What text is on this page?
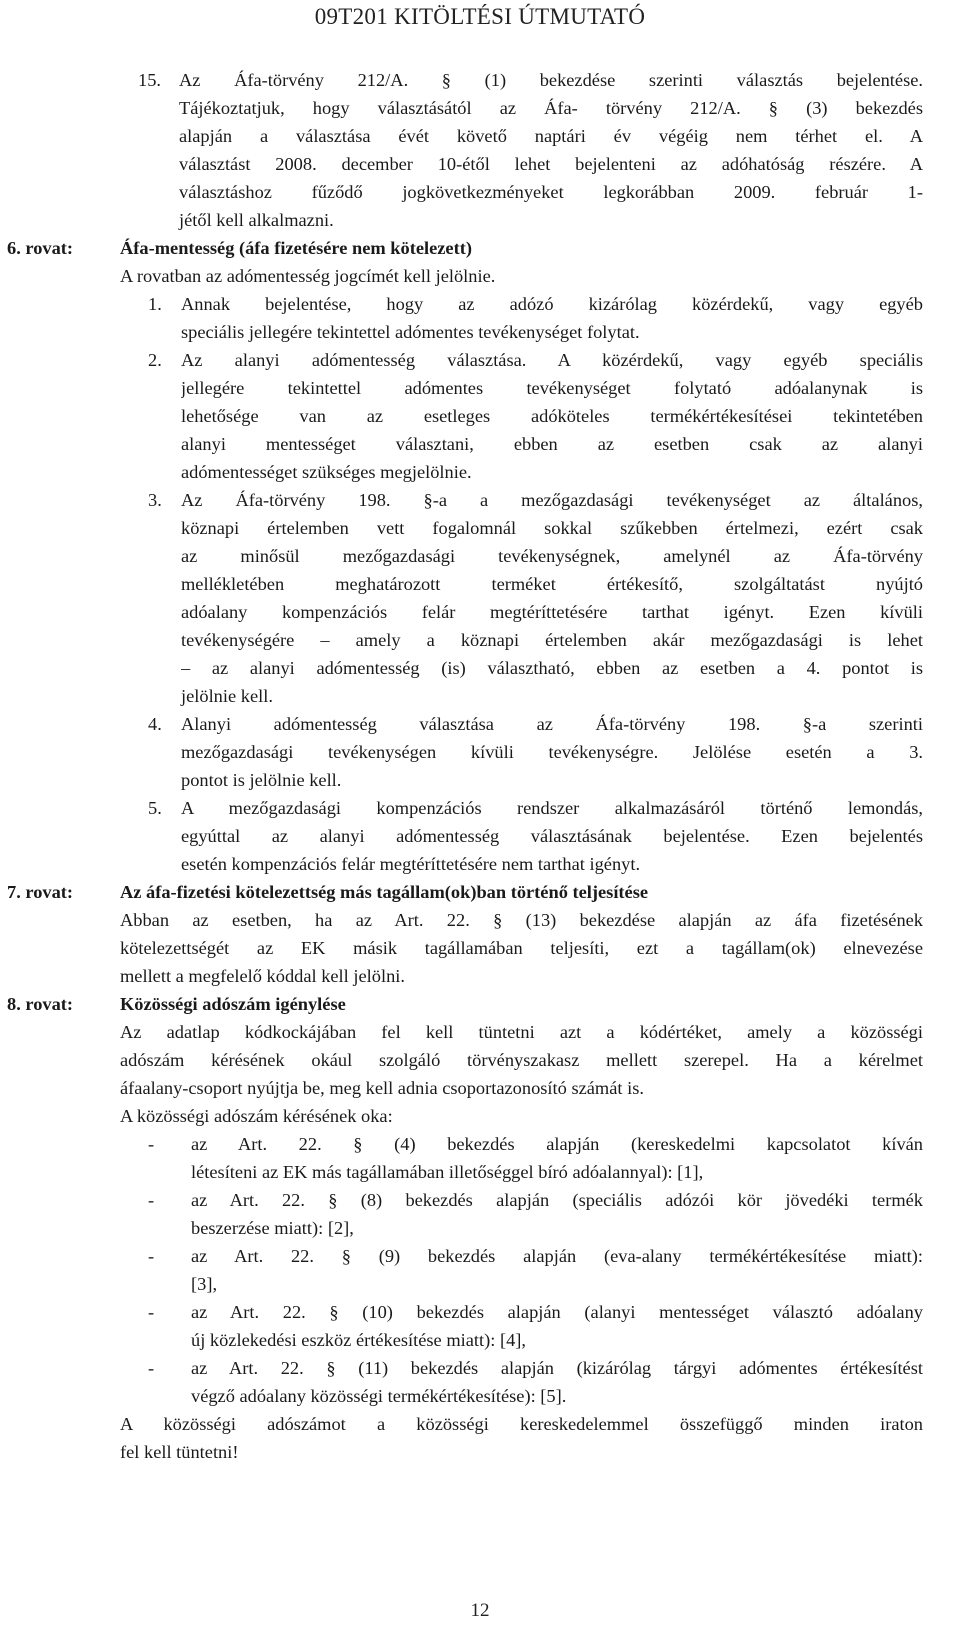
09T201 KITÖLTÉSI ÚTMUTATÓ
15. Az Áfa-törvény 212/A. § (1) bekezdése szerinti választás bejelentése.
Tájékoztatjuk, hogy választásától az Áfa- törvény 212/A. § (3) bekezdés
alapján a választása évét követő naptári év végéig nem térhet el. A
választást 2008. december 10-étől lehet bejelenteni az adóhatóság részére. A
választáshoz fűződő jogkövetkezményeket legkorábban 2009. február 1-
jétől kell alkalmazni.
6. rovat:	Áfa-mentesség (áfa fizetésére nem kötelezett)
A rovatban az adómentesség jogcímét kell jelölnie.
1. Annak bejelentése, hogy az adózó kizárólag közérdekű, vagy egyéb
speciális jellegére tekintettel adómentes tevékenységet folytat.
2. Az alanyi adómentesség választása. A közérdekű, vagy egyéb speciális
jellegére tekintettel adómentes tevékenységet folytató adóalanynak is
lehetősége van az esetleges adóköteles termékértékesítései tekintetében
alanyi mentességet választani, ebben az esetben csak az alanyi
adómentességet szükséges megjelölnie.
3. Az Áfa-törvény 198. §-a a mezőgazdasági tevékenységet az általános,
köznapi értelemben vett fogalomnál sokkal szűkebben értelmezi, ezért csak
az minősül mezőgazdasági tevékenységnek, amelynél az Áfa-törvény
mellékletében meghatározott terméket értékesítő, szolgáltatást nyújtó
adóalany kompenzációs felár megtéríttetésére tarthat igényt. Ezen kívüli
tevékenységére – amely a köznapi értelemben akár mezőgazdasági is lehet
– az alanyi adómentesség (is) választható, ebben az esetben a 4. pontot is
jelölnie kell.
4. Alanyi adómentesség választása az Áfa-törvény 198. §-a szerinti
mezőgazdasági tevékenységen kívüli tevékenységre. Jelölése esetén a 3.
pontot is jelölnie kell.
5. A mezőgazdasági kompenzációs rendszer alkalmazásáról történő lemondás,
egyúttal az alanyi adómentesség választásának bejelentése. Ezen bejelentés
esetén kompenzációs felár megtéríttetésére nem tarthat igényt.
7. rovat:	Az áfa-fizetési kötelezettség más tagállam(ok)ban történő teljesítése
Abban az esetben, ha az Art. 22. § (13) bekezdése alapján az áfa fizetésének
kötelezettségét az EK másik tagállamában teljesíti, ezt a tagállam(ok) elnevezése
mellett a megfelelő kóddal kell jelölni.
8. rovat:	Közösségi adószám igénylése
Az adatlap kódkockájában fel kell tüntetni azt a kódértéket, amely a közösségi
adószám kérésének okául szolgáló törvényszakasz mellett szerepel. Ha a kérelmet
áfaalany-csoport nyújtja be, meg kell adnia csoportazonosító számát is.
A közösségi adószám kérésének oka:
- az Art. 22. § (4) bekezdés alapján (kereskedelmi kapcsolatot kíván
létesíteni az EK más tagállamában illetőséggel bíró adóalannyal): [1],
- az Art. 22. § (8) bekezdés alapján (speciális adózói kör jövedéki termék
beszerzése miatt): [2],
- az Art. 22. § (9) bekezdés alapján (eva-alany termékértékesítése miatt):
[3],
- az Art. 22. § (10) bekezdés alapján (alanyi mentességet választó adóalany
új közlekedési eszköz értékesítése miatt): [4],
- az Art. 22. § (11) bekezdés alapján (kizárólag tárgyi adómentes értékesítést
végző adóalany közösségi termékértékesítése): [5].
A közösségi adószámot a közösségi kereskedelemmel összefüggő minden iraton
fel kell tüntetni!
12
